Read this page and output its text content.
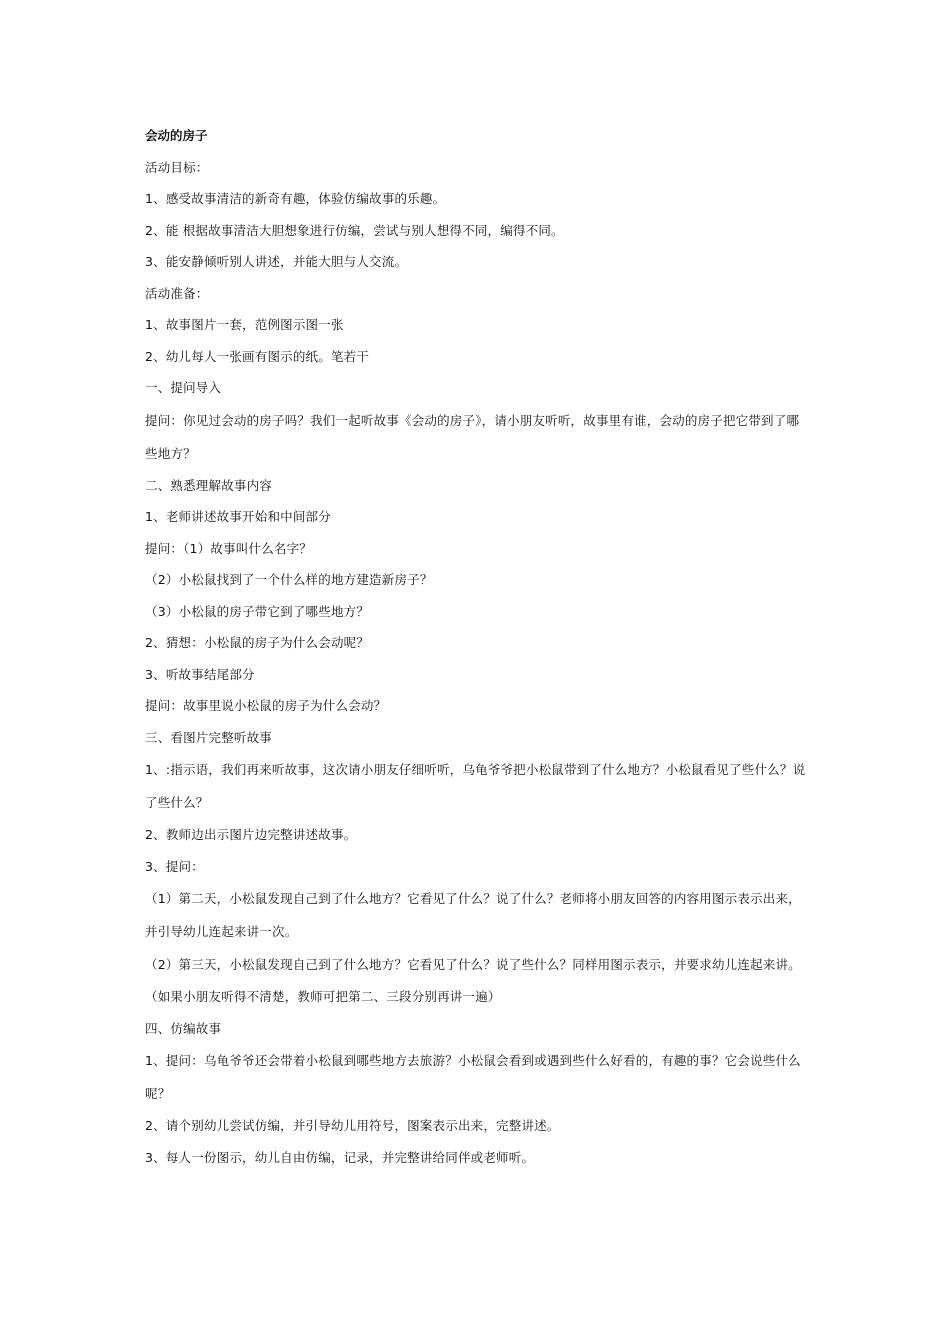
会动的房子
活动目标：
1、感受故事清洁的新奇有趣，体验仿编故事的乐趣。
2、能 根据故事清洁大胆想象进行仿编，尝试与别人想得不同，编得不同。
3、能安静倾听别人讲述，并能大胆与人交流。
活动准备：
1、故事图片一套，范例图示图一张
2、幼儿每人一张画有图示的纸。笔若干
一、提问导入
提问：你见过会动的房子吗？我们一起听故事《会动的房子》，请小朋友听听，故事里有谁，会动的房子把它带到了哪些地方？
二、熟悉理解故事内容
1、老师讲述故事开始和中间部分
提问：（1）故事叫什么名字？
（2）小松鼠找到了一个什么样的地方建造新房子？
（3）小松鼠的房子带它到了哪些地方？
2、猜想：小松鼠的房子为什么会动呢？
3、听故事结尾部分
提问：故事里说小松鼠的房子为什么会动？
三、看图片完整听故事
1、:指示语，我们再来听故事，这次请小朋友仔细听听，乌龟爷爷把小松鼠带到了什么地方？小松鼠看见了些什么？说了些什么？
2、教师边出示图片边完整讲述故事。
3、提问：
（1）第二天，小松鼠发现自己到了什么地方？它看见了什么？说了什么？老师将小朋友回答的内容用图示表示出来，并引导幼儿连起来讲一次。
（2）第三天，小松鼠发现自己到了什么地方？它看见了什么？说了些什么？同样用图示表示，并要求幼儿连起来讲。
（如果小朋友听得不清楚，教师可把第二、三段分别再讲一遍）
四、仿编故事
1、提问：乌龟爷爷还会带着小松鼠到哪些地方去旅游？小松鼠会看到或遇到些什么好看的，有趣的事？它会说些什么呢？
2、请个别幼儿尝试仿编，并引导幼儿用符号，图案表示出来，完整讲述。
3、每人一份图示，幼儿自由仿编，记录，并完整讲给同伴或老师听。
